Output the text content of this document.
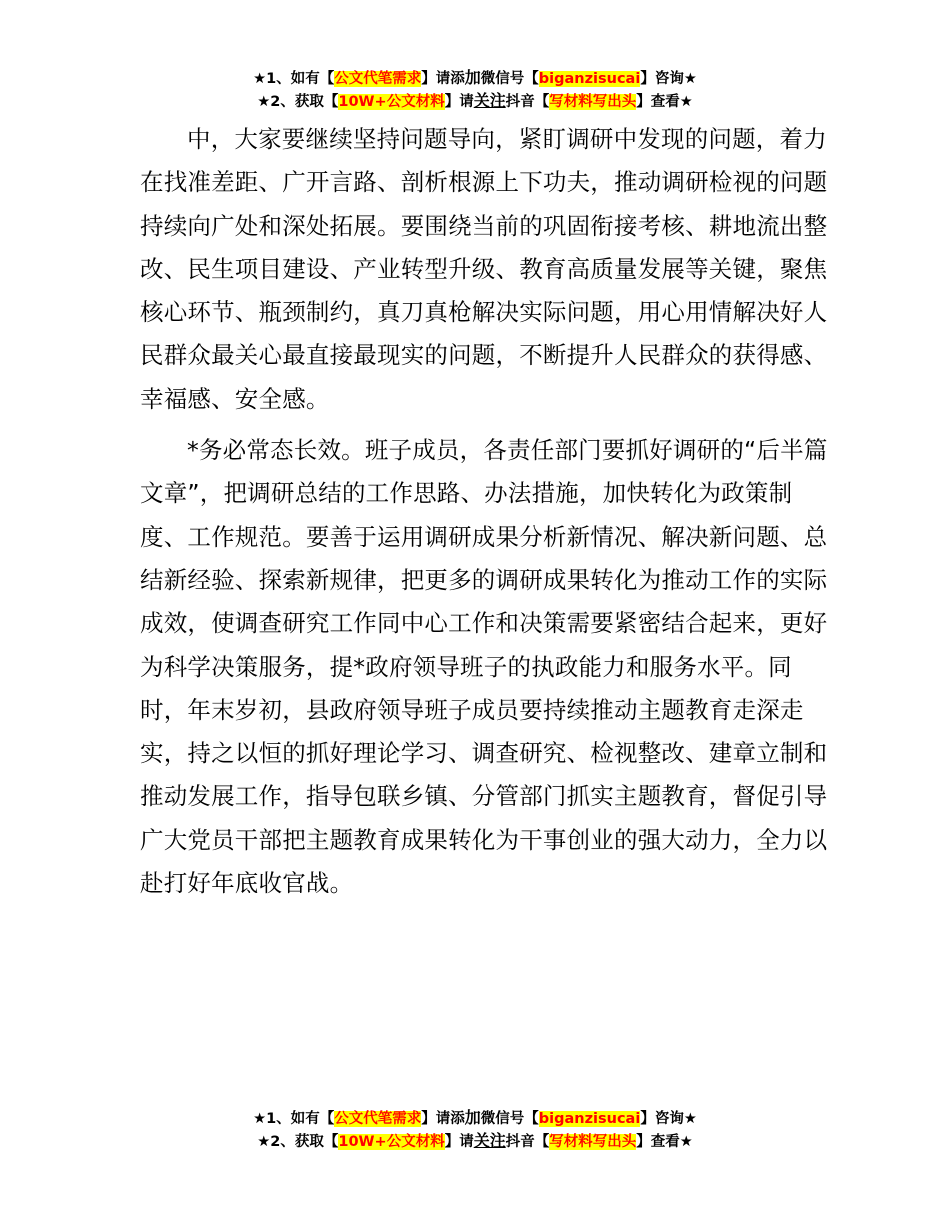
★1、如有【公文代笔需求】请添加微信号【biganzisucai】咨询★
★2、获取【10W+公文材料】请关注抖音【写材料写出头】查看★

中，大家要继续坚持问题导向，紧盯调研中发现的问题，着力在找准差距、广开言路、剖析根源上下功夫，推动调研检视的问题持续向广处和深处拓展。要围绕当前的巩固衔接考核、耕地流出整改、民生项目建设、产业转型升级、教育高质量发展等关键，聚焦核心环节、瓶颈制约，真刀真枪解决实际问题，用心用情解决好人民群众最关心最直接最现实的问题，不断提升人民群众的获得感、幸福感、安全感。

*务必常态长效。班子成员，各责任部门要抓好调研的“后半篇文章”，把调研总结的工作思路、办法措施，加快转化为政策制度、工作规范。要善于运用调研成果分析新情况、解决新问题、总结新经验、探索新规律，把更多的调研成果转化为推动工作的实际成效，使调查研究工作同中心工作和决策需要紧密结合起来，更好为科学决策服务，提*政府领导班子的执政能力和服务水平。同时，年末岁初，县政府领导班子成员要持续推动主题教育走深走实，持之以恒的抓好理论学习、调查研究、检视整改、建章立制和推动发展工作，指导包联乡镇、分管部门抓实主题教育，督促引导广大党员干部把主题教育成果转化为干事创业的强大动力，全力以赴打好年底收官战。

★1、如有【公文代笔需求】请添加微信号【biganzisucai】咨询★
★2、获取【10W+公文材料】请关注抖音【写材料写出头】查看★
